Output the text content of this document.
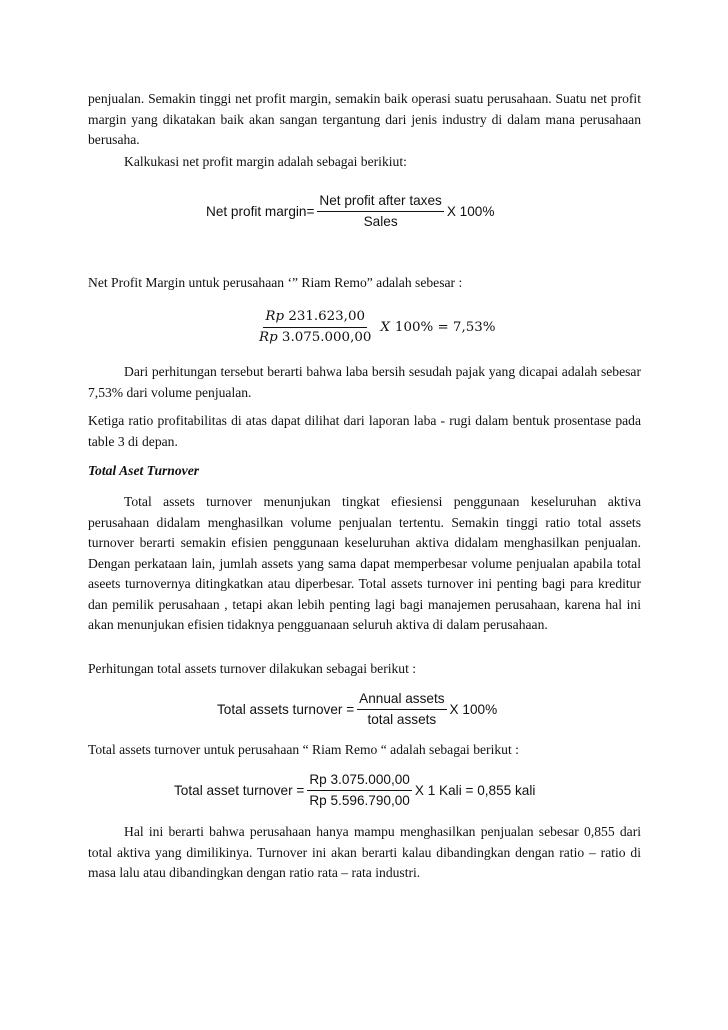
penjualan. Semakin tinggi net profit margin, semakin baik operasi suatu perusahaan. Suatu net profit margin yang dikatakan baik akan sangan tergantung dari jenis industry di dalam mana perusahaan berusaha.

Kalkukasi net profit margin adalah sebagai berikiut:

Net profit margin= $\frac{\text{Net profit after taxes}}{\text{Sales}}$ X 100%

Net Profit Margin untuk perusahaan ‘” Riam Remo” adalah sebesar :

$\frac{Rp 231.623,00}{Rp 3.075.000,00}$ X 100% = 7,53%

Dari perhitungan tersebut berarti bahwa laba bersih sesudah pajak yang dicapai adalah sebesar 7,53% dari volume penjualan.

Ketiga ratio profitabilitas di atas dapat dilihat dari laporan laba - rugi dalam bentuk prosentase pada table 3 di depan.

Total Aset Turnover

Total assets turnover menunjukan tingkat efiesiensi penggunaan keseluruhan aktiva perusahaan didalam menghasilkan volume penjualan tertentu. Semakin tinggi ratio total assets turnover berarti semakin efisien penggunaan keseluruhan aktiva didalam menghasilkan penjualan. Dengan perkataan lain, jumlah assets yang sama dapat memperbesar volume penjualan apabila total aseets turnovernya ditingkatkan atau diperbesar. Total assets turnover ini penting bagi para kreditur dan pemilik perusahaan , tetapi akan lebih penting lagi bagi manajemen perusahaan, karena hal ini akan menunjukan efisien tidaknya pengguanaan seluruh aktiva di dalam perusahaan.

Perhitungan total assets turnover dilakukan sebagai berikut :

Total assets turnover = $\frac{\text{Annual assets}}{\text{total assets}}$ X 100%

Total assets turnover untuk perusahaan “ Riam Remo “ adalah sebagai berikut :

Total asset turnover = $\frac{Rp 3.075.000,00}{Rp 5.596.790,00}$ X 1 Kali = 0,855 kali

Hal ini berarti bahwa perusahaan hanya mampu menghasilkan penjualan sebesar 0,855 dari total aktiva yang dimilikinya. Turnover ini akan berarti kalau dibandingkan dengan ratio – ratio di masa lalu atau dibandingkan dengan ratio rata – rata industri.
